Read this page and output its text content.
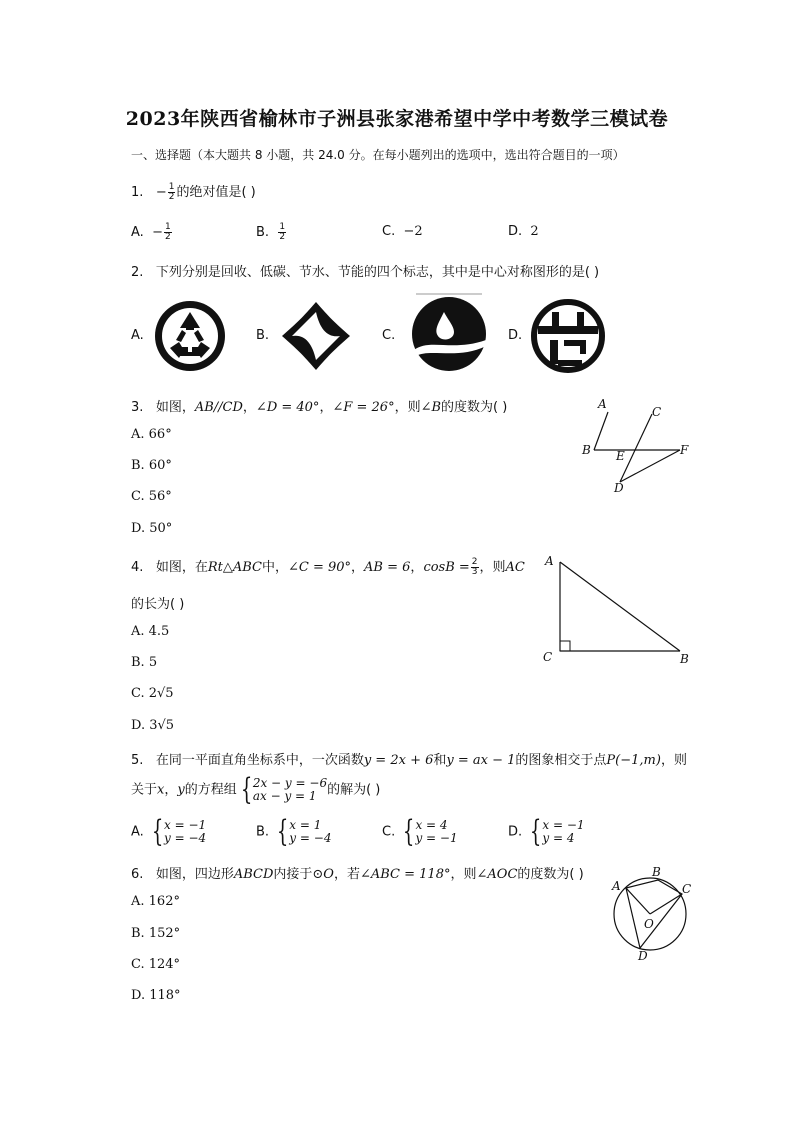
2023年陕西省榆林市子洲县张家港希望中学中考数学三模试卷
一、选择题（本大题共 8 小题，共 24.0 分。在每小题列出的选项中，选出符合题目的一项）
1. − $\frac{1}{2}$ 的绝对值是( )
A. − $\frac{1}{2}$	B. $\frac{1}{2}$	C. −2	D. 2
2. 下列分别是回收、低碳、节水、节能的四个标志，其中是中心对称图形的是( )
A.	B.	C.	D.
3. 如图，AB//CD，∠D = 40°，∠F = 26°，则∠B的度数为( )
A. 66°
B. 60°
C. 56°
D. 50°
A
C
B E	F
D
4. 如图，在Rt△ABC中，∠C = 90°，AB = 6，$\cos B = \frac{2}{3}$ ，则AC
的长为( )
A. 4.5
B. 5
C. 2√5
D. 3√5
A
C	B
5. 在同一平面直角坐标系中，一次函数y = 2x + 6和y = ax − 1的图象相交于点P(−1,m)，则
关于x，y的方程组 { 2x − y = −6
ax − y = 1 的解为( )
A. { x = −1
y = −4	B. { x = 1
y = −4	C. { x = 4
y = −1	D. { x = −1
y = 4
6. 如图，四边形ABCD内接于⊙O，若∠ABC = 118°，则∠AOC的度数为( )
A. 162°
B. 152°
C. 124°
D. 118°
A
B
C
O
D
